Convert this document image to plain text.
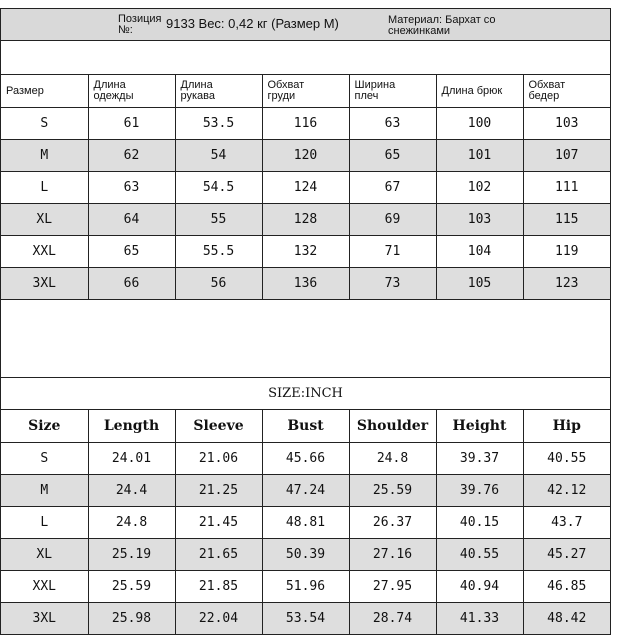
Позиция №:	9133 Вес: 0,42 кг (Размер M)	Материал: Бархат со снежинками
Размер	Длина одежды	Длина рукава	Обхват груди	Ширина плеч	Длина брюк	Обхват бедер

S	61	53.5	116	63	100	103
M	62	54	120	65	101	107
L	63	54.5	124	67	102	111
XL	64	55	128	69	103	115
XXL	65	55.5	132	71	104	119
3XL	66	56	136	73	105	123
SIZE:INCH
Size	Length	Sleeve	Bust	Shoulder	Height	Hip
S	24.01	21.06	45.66	24.8	39.37	40.55
M	24.4	21.25	47.24	25.59	39.76	42.12
L	24.8	21.45	48.81	26.37	40.15	43.7
XL	25.19	21.65	50.39	27.16	40.55	45.27
XXL	25.59	21.85	51.96	27.95	40.94	46.85
3XL	25.98	22.04	53.54	28.74	41.33	48.42
